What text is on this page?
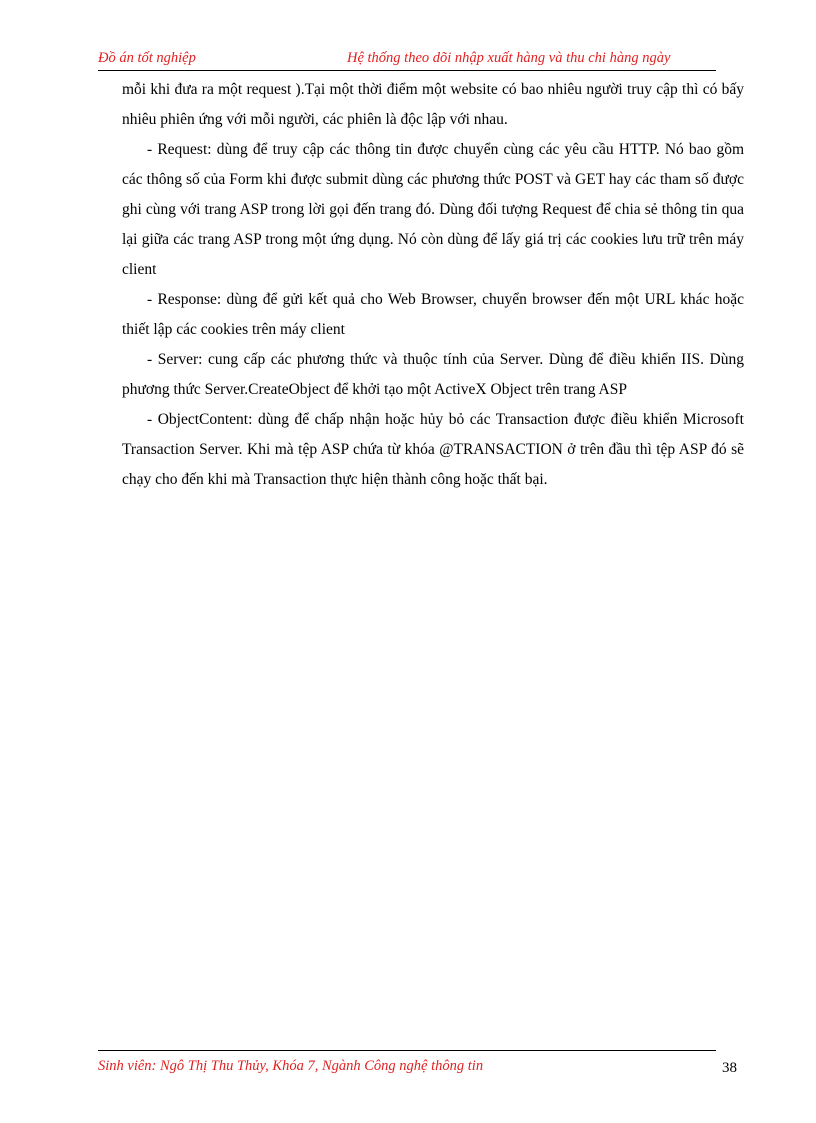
Đồ án tốt nghiệp	Hệ thống theo dõi nhập xuất hàng và thu chi hàng ngày

mỗi khi đưa ra một request ).Tại một thời điểm một website có bao nhiêu người truy cập thì có bấy nhiêu phiên ứng với mỗi người, các phiên là độc lập với nhau.

- Request: dùng để truy cập các thông tin được chuyển cùng các yêu cầu HTTP. Nó bao gồm các thông số của Form khi được submit dùng các phương thức POST và GET hay các tham số được ghi cùng với trang ASP trong lời gọi đến trang đó. Dùng đối tượng Request để chia sẻ thông tin qua lại giữa các trang ASP trong một ứng dụng. Nó còn dùng để lấy giá trị các cookies lưu trữ trên máy client

- Response: dùng để gửi kết quả cho Web Browser, chuyển browser đến một URL khác hoặc thiết lập các cookies trên máy client

- Server: cung cấp các phương thức và thuộc tính của Server. Dùng để điều khiển IIS. Dùng phương thức Server.CreateObject để khởi tạo một ActiveX Object trên trang ASP

- ObjectContent: dùng để chấp nhận hoặc hủy bỏ các Transaction được điều khiển Microsoft Transaction Server. Khi mà tệp ASP chứa từ khóa @TRANSACTION ở trên đầu thì tệp ASP đó sẽ chạy cho đến khi mà Transaction thực hiện thành công hoặc thất bại.

Sinh viên: Ngô Thị Thu Thủy, Khóa 7, Ngành Công nghệ thông tin	38
